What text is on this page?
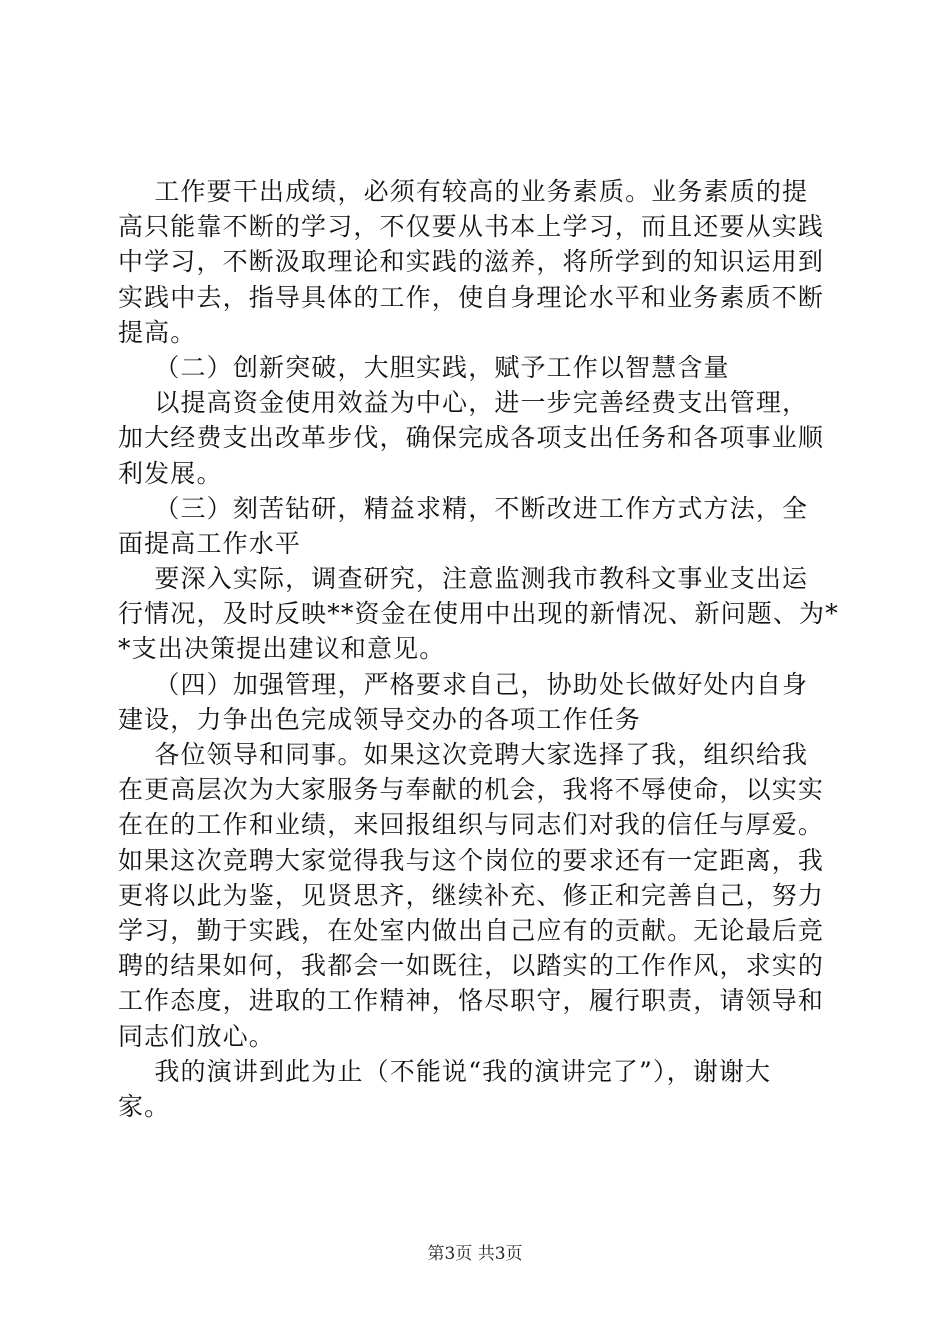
工作要干出成绩，必须有较高的业务素质。业务素质的提
高只能靠不断的学习，不仅要从书本上学习，而且还要从实践
中学习，不断汲取理论和实践的滋养，将所学到的知识运用到
实践中去，指导具体的工作，使自身理论水平和业务素质不断
提高。
（二）创新突破，大胆实践，赋予工作以智慧含量
以提高资金使用效益为中心，进一步完善经费支出管理，
加大经费支出改革步伐，确保完成各项支出任务和各项事业顺
利发展。
（三）刻苦钻研，精益求精，不断改进工作方式方法，全
面提高工作水平
要深入实际，调查研究，注意监测我市教科文事业支出运
行情况，及时反映**资金在使用中出现的新情况、新问题、为*
*支出决策提出建议和意见。
（四）加强管理，严格要求自己，协助处长做好处内自身
建设，力争出色完成领导交办的各项工作任务
各位领导和同事。如果这次竞聘大家选择了我，组织给我
在更高层次为大家服务与奉献的机会，我将不辱使命，以实实
在在的工作和业绩，来回报组织与同志们对我的信任与厚爱。
如果这次竞聘大家觉得我与这个岗位的要求还有一定距离，我
更将以此为鉴，见贤思齐，继续补充、修正和完善自己，努力
学习，勤于实践，在处室内做出自己应有的贡献。无论最后竞
聘的结果如何，我都会一如既往，以踏实的工作作风，求实的
工作态度，进取的工作精神，恪尽职守，履行职责，请领导和
同志们放心。
我的演讲到此为止（不能说“我的演讲完了”），谢谢大
家。
第3页 共3页
